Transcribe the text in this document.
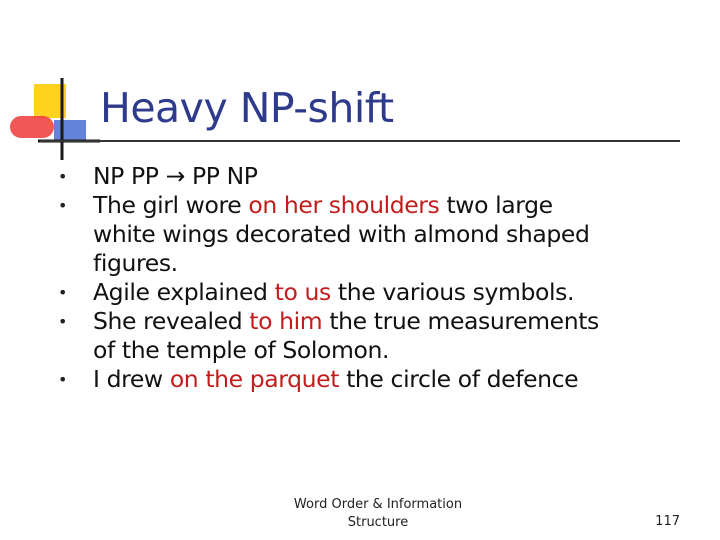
Heavy NP-shift
• NP PP → PP NP
• The girl wore on her shoulders two large
white wings decorated with almond shaped
figures.
• Agile explained to us the various symbols.
• She revealed to him the true measurements
of the temple of Solomon.
• I drew on the parquet the circle of defence
Word Order & Information
Structure	117
